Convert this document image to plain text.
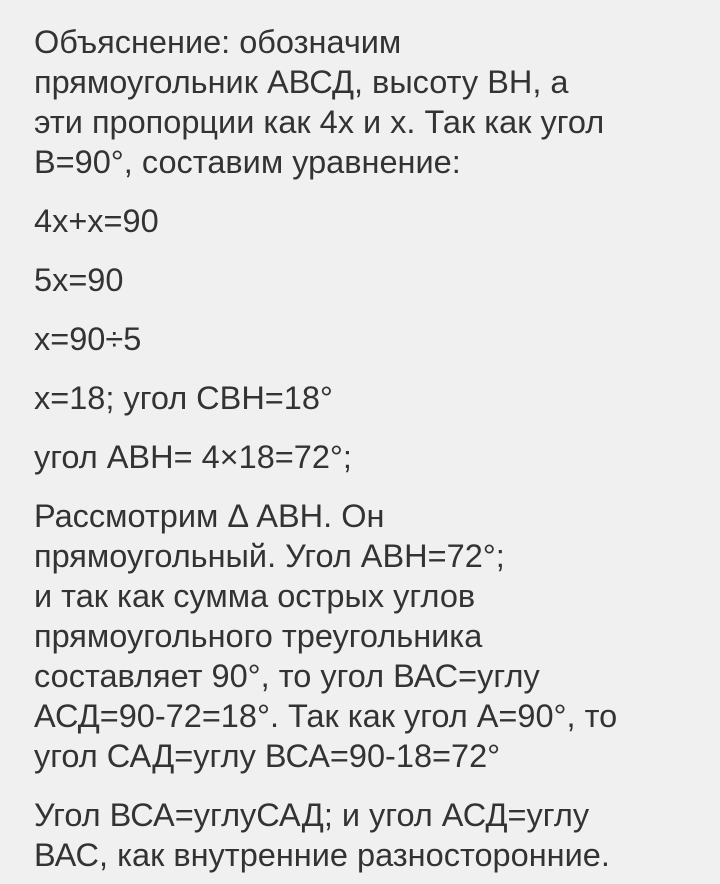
Объяснение: обозначим
прямоугольник АВСД, высоту ВН, а
эти пропорции как 4х и х. Так как угол
В=90°, составим уравнение:
4х+х=90
5х=90
х=90÷5
х=18; угол СВН=18°
угол АВН= 4×18=72°;
Рассмотрим Δ АВН. Он
прямоугольный. Угол АВН=72°;
и так как сумма острых углов
прямоугольного треугольника
составляет 90°, то угол ВАС=углу
АСД=90-72=18°. Так как угол А=90°, то
угол САД=углу ВСА=90-18=72°
Угол ВСА=углуСАД; и угол АСД=углу
ВАС, как внутренние разносторонние.
